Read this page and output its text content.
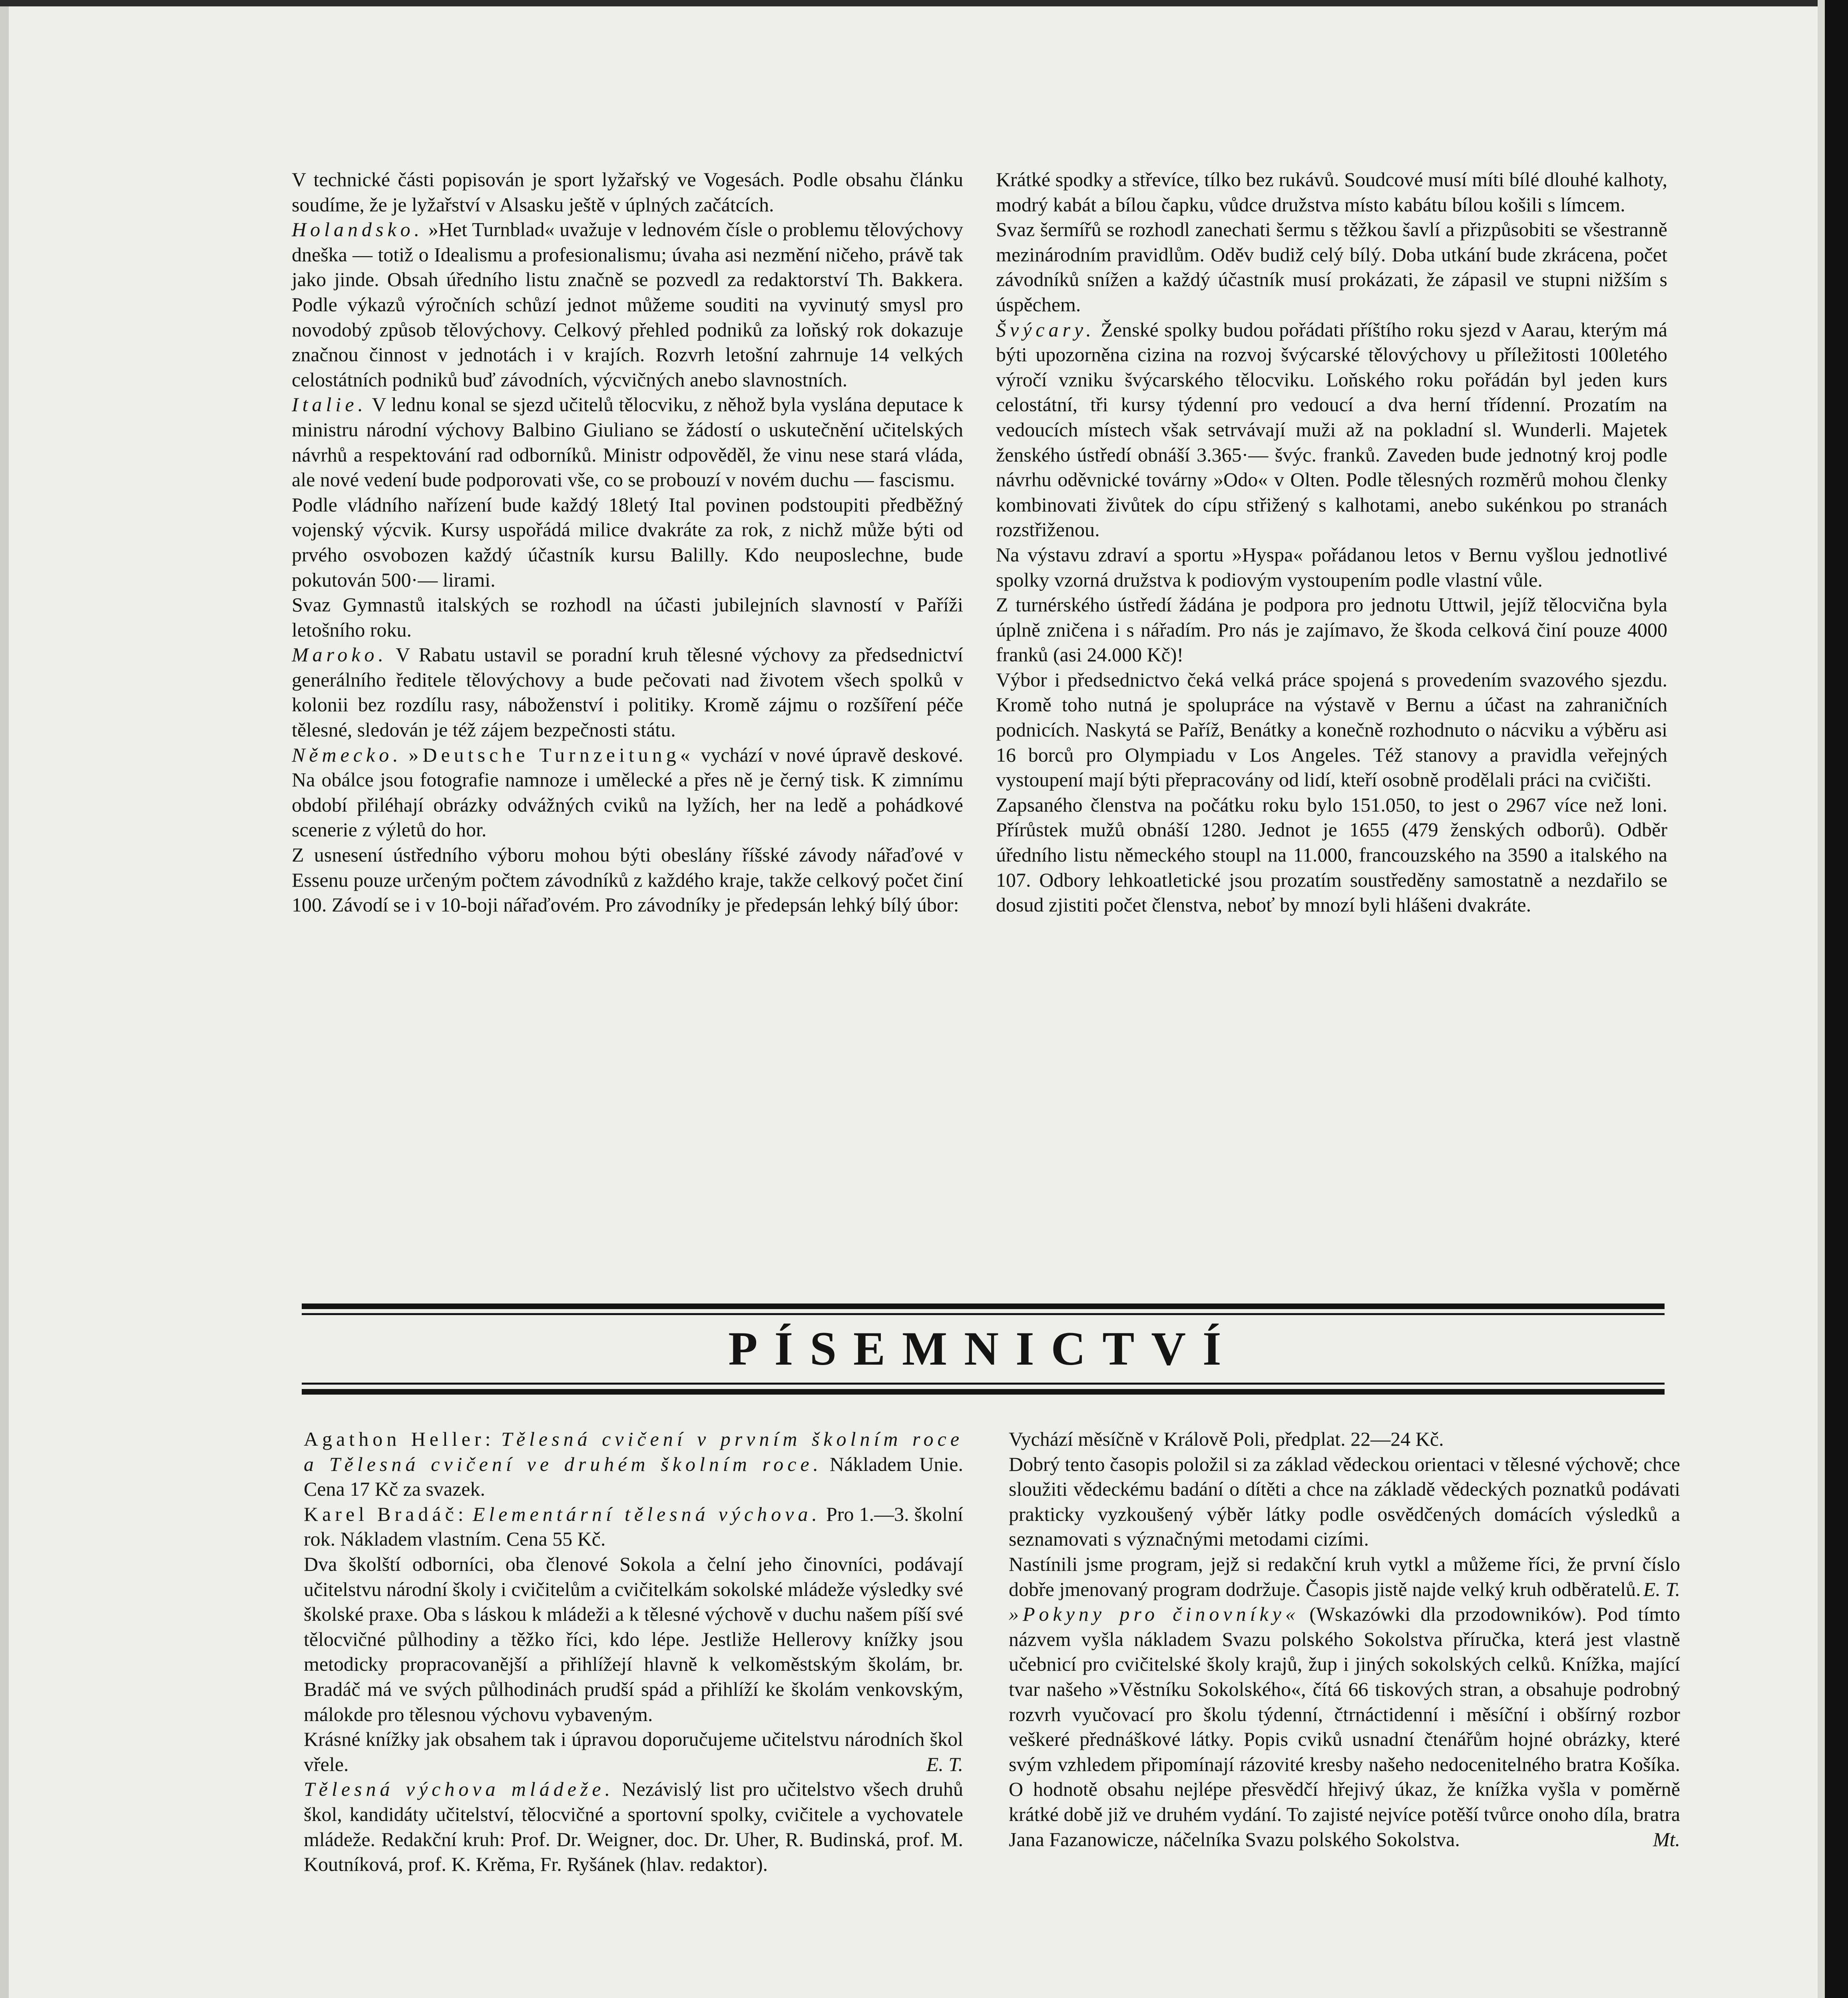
V technické části popisován je sport lyžařský ve Vogesách. Podle obsahu článku soudíme, že je lyžařství v Alsasku ještě v úplných začátcích.

Holandsko. »Het Turnblad« uvažuje v lednovém čísle o problemu tělovýchovy dneška — totiž o Idealismu a profesionalismu; úvaha asi nezmění ničeho, právě tak jako jinde. Obsah úředního listu značně se pozvedl za redaktorství Th. Bakkera. Podle výkazů výročních schůzí jednot můžeme souditi na vyvinutý smysl pro novodobý způsob tělovýchovy. Celkový přehled podniků za loňský rok dokazuje značnou činnost v jednotách i v krajích. Rozvrh letošní zahrnuje 14 velkých celostátních podniků buď závodních, výcvičných anebo slavnostních.

Italie. V lednu konal se sjezd učitelů tělocviku, z něhož byla vyslána deputace k ministru národní výchovy Balbino Giuliano se žádostí o uskutečnění učitelských návrhů a respektování rad odborníků. Ministr odpověděl, že vinu nese stará vláda, ale nové vedení bude podporovati vše, co se probouzí v novém duchu — fascismu.

Podle vládního nařízení bude každý 18letý Ital povinen podstoupiti předběžný vojenský výcvik. Kursy uspořádá milice dvakráte za rok, z nichž může býti od prvého osvobozen každý účastník kursu Balilly. Kdo neuposlechne, bude pokutován 500·— lirami.

Svaz Gymnastů italských se rozhodl na účasti jubilejních slavností v Paříži letošního roku.

Maroko. V Rabatu ustavil se poradní kruh tělesné výchovy za předsednictví generálního ředitele tělovýchovy a bude pečovati nad životem všech spolků v kolonii bez rozdílu rasy, náboženství i politiky. Kromě zájmu o rozšíření péče tělesné, sledován je též zájem bezpečnosti státu.

Německo. »Deutsche Turnzeitung« vychází v nové úpravě deskové. Na obálce jsou fotografie namnoze i umělecké a přes ně je černý tisk. K zimnímu období přiléhají obrázky odvážných cviků na lyžích, her na ledě a pohádkové scenerie z výletů do hor.

Z usnesení ústředního výboru mohou býti obeslány říšské závody nářaďové v Essenu pouze určeným počtem závodníků z každého kraje, takže celkový počet činí 100. Závodí se i v 10-boji nářaďovém. Pro závodníky je předepsán lehký bílý úbor:

Krátké spodky a střevíce, tílko bez rukávů. Soudcové musí míti bílé dlouhé kalhoty, modrý kabát a bílou čapku, vůdce družstva místo kabátu bílou košili s límcem.

Svaz šermířů se rozhodl zanechati šermu s těžkou šavlí a přizpůsobiti se všestranně mezinárodním pravidlům. Oděv budiž celý bílý. Doba utkání bude zkrácena, počet závodníků snížen a každý účastník musí prokázati, že zápasil ve stupni nižším s úspěchem.

Švýcary. Ženské spolky budou pořádati příštího roku sjezd v Aarau, kterým má býti upozorněna cizina na rozvoj švýcarské tělovýchovy u příležitosti 100letého výročí vzniku švýcarského tělocviku. Loňského roku pořádán byl jeden kurs celostátní, tři kursy týdenní pro vedoucí a dva herní třídenní. Prozatím na vedoucích místech však setrvávají muži až na pokladní sl. Wunderli. Majetek ženského ústředí obnáší 3.365·— švýc. franků. Zaveden bude jednotný kroj podle návrhu oděvnické továrny »Odo« v Olten. Podle tělesných rozměrů mohou členky kombinovati živůtek do cípu střižený s kalhotami, anebo sukénkou po stranách rozstřiženou.

Na výstavu zdraví a sportu »Hyspa« pořádanou letos v Bernu vyšlou jednotlivé spolky vzorná družstva k podiovým vystoupením podle vlastní vůle.

Z turnérského ústředí žádána je podpora pro jednotu Uttwil, jejíž tělocvična byla úplně zničena i s nářadím. Pro nás je zajímavo, že škoda celková činí pouze 4000 franků (asi 24.000 Kč)!

Výbor i předsednictvo čeká velká práce spojená s provedením svazového sjezdu. Kromě toho nutná je spolupráce na výstavě v Bernu a účast na zahraničních podnicích. Naskytá se Paříž, Benátky a konečně rozhodnuto o nácviku a výběru asi 16 borců pro Olympiadu v Los Angeles. Též stanovy a pravidla veřejných vystoupení mají býti přepracovány od lidí, kteří osobně prodělali práci na cvičišti.

Zapsaného členstva na počátku roku bylo 151.050, to jest o 2967 více než loni. Přírůstek mužů obnáší 1280. Jednot je 1655 (479 ženských odborů). Odběr úředního listu německého stoupl na 11.000, francouzského na 3590 a italského na 107. Odbory lehkoatletické jsou prozatím soustředěny samostatně a nezdařilo se dosud zjistiti počet členstva, neboť by mnozí byli hlášeni dvakráte.

PÍSEMNICTVÍ

Agathon Heller: Tělesná cvičení v prvním školním roce a Tělesná cvičení ve druhém školním roce. Nákladem Unie. Cena 17 Kč za svazek.

Karel Bradáč: Elementární tělesná výchova. Pro 1.—3. školní rok. Nákladem vlastním. Cena 55 Kč.

Dva školští odborníci, oba členové Sokola a čelní jeho činovníci, podávají učitelstvu národní školy i cvičitelům a cvičitelkám sokolské mládeže výsledky své školské praxe. Oba s láskou k mládeži a k tělesné výchově v duchu našem píší své tělocvičné půlhodiny a těžko říci, kdo lépe. Jestliže Hellerovy knížky jsou metodicky propracovanější a přihlížejí hlavně k velkoměstským školám, br. Bradáč má ve svých půlhodinách prudší spád a přihlíží ke školám venkovským, málokde pro tělesnou výchovu vybaveným.

Krásné knížky jak obsahem tak i úpravou doporučujeme učitelstvu národních škol vřele.	E. T.

Tělesná výchova mládeže. Nezávislý list pro učitelstvo všech druhů škol, kandidáty učitelství, tělocvičné a sportovní spolky, cvičitele a vychovatele mládeže. Redakční kruh: Prof. Dr. Weigner, doc. Dr. Uher, R. Budinská, prof. M. Koutníková, prof. K. Krěma, Fr. Ryšánek (hlav. redaktor).

Vychází měsíčně v Králově Poli, předplat. 22—24 Kč.

Dobrý tento časopis položil si za základ vědeckou orientaci v tělesné výchově; chce sloužiti vědeckému badání o dítěti a chce na základě vědeckých poznatků podávati prakticky vyzkoušený výběr látky podle osvědčených domácích výsledků a seznamovati s význačnými metodami cizími.

Nastínili jsme program, jejž si redakční kruh vytkl a můžeme říci, že první číslo dobře jmenovaný program dodržuje. Časopis jistě najde velký kruh odběratelů. E. T.

»Pokyny pro činovníky« (Wskazówki dla przodowników). Pod tímto názvem vyšla nákladem Svazu polského Sokolstva příručka, která jest vlastně učebnicí pro cvičitelské školy krajů, žup i jiných sokolských celků. Knížka, mající tvar našeho »Věstníku Sokolského«, čítá 66 tiskových stran, a obsahuje podrobný rozvrh vyučovací pro školu týdenní, čtrnáctidenní i měsíční i obšírný rozbor veškeré přednáškové látky. Popis cviků usnadní čtenářům hojné obrázky, které svým vzhledem připomínají rázovité kresby našeho nedocenitelného bratra Košíka. O hodnotě obsahu nejlépe přesvědčí hřejivý úkaz, že knížka vyšla v poměrně krátké době již ve druhém vydání. To zajisté nejvíce potěší tvůrce onoho díla, bratra Jana Fazanowicze, náčelníka Svazu polského Sokolstva.	Mt.
